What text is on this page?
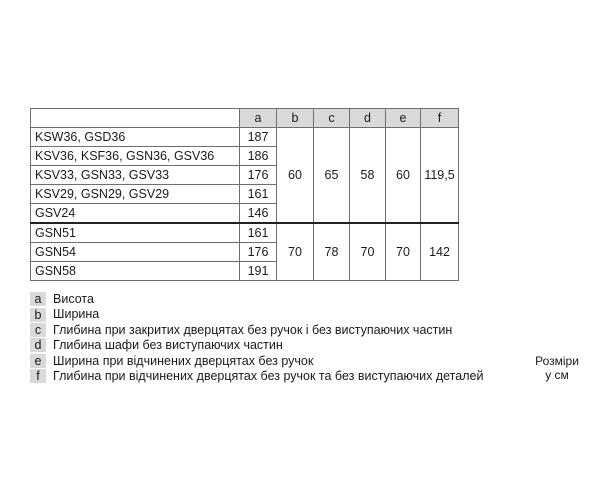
	a	b	c	d	e	f
KSW36, GSD36	187	60	65	58	60	119,5
KSV36, KSF36, GSN36, GSV36	186					
KSV33, GSN33, GSV33	176					
KSV29, GSN29, GSV29	161					
GSV24	146					
GSN51	161	70	78	70	70	142
GSN54	176					
GSN58	191					
a Висота
b Ширина
c Глибина при закритих дверцятах без ручок і без виступаючих частин
d Глибина шафи без виступаючих частин
e Ширина при відчинених дверцятах без ручок
f	Глибина при відчинених дверцятах без ручок та без виступаючих деталей
Розміри
у см
